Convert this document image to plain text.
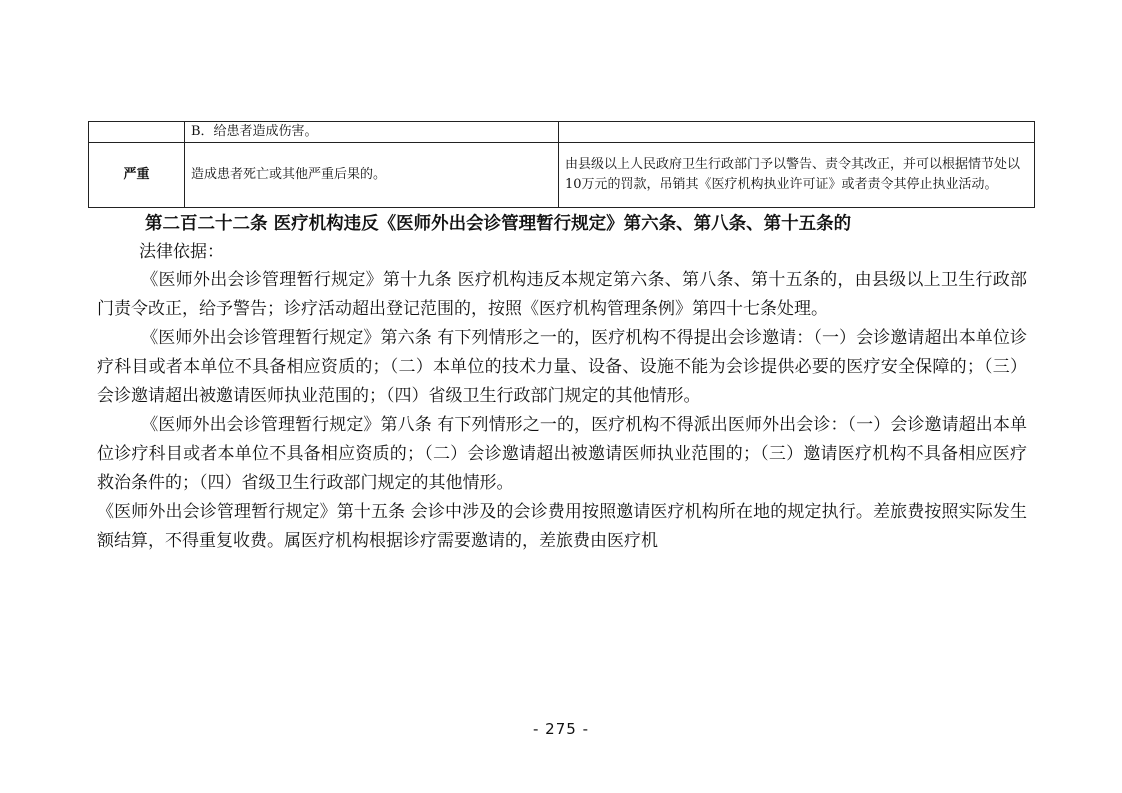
	B．给患者造成伤害。	
严重	造成患者死亡或其他严重后果的。	由县级以上人民政府卫生行政部门予以警告、责令其改正，并可以根据情节处以10万元的罚款，吊销其《医疗机构执业许可证》或者责令其停止执业活动。

第二百二十二条 医疗机构违反《医师外出会诊管理暂行规定》第六条、第八条、第十五条的

法律依据：

《医师外出会诊管理暂行规定》第十九条 医疗机构违反本规定第六条、第八条、第十五条的，由县级以上卫生行政部门责令改正，给予警告；诊疗活动超出登记范围的，按照《医疗机构管理条例》第四十七条处理。

《医师外出会诊管理暂行规定》第六条 有下列情形之一的，医疗机构不得提出会诊邀请：（一）会诊邀请超出本单位诊疗科目或者本单位不具备相应资质的；（二）本单位的技术力量、设备、设施不能为会诊提供必要的医疗安全保障的；（三）会诊邀请超出被邀请医师执业范围的；（四）省级卫生行政部门规定的其他情形。

《医师外出会诊管理暂行规定》第八条 有下列情形之一的，医疗机构不得派出医师外出会诊：（一）会诊邀请超出本单位诊疗科目或者本单位不具备相应资质的；（二）会诊邀请超出被邀请医师执业范围的；（三）邀请医疗机构不具备相应医疗救治条件的；（四）省级卫生行政部门规定的其他情形。

《医师外出会诊管理暂行规定》第十五条 会诊中涉及的会诊费用按照邀请医疗机构所在地的规定执行。差旅费按照实际发生额结算，不得重复收费。属医疗机构根据诊疗需要邀请的，差旅费由医疗机

- 275 -
